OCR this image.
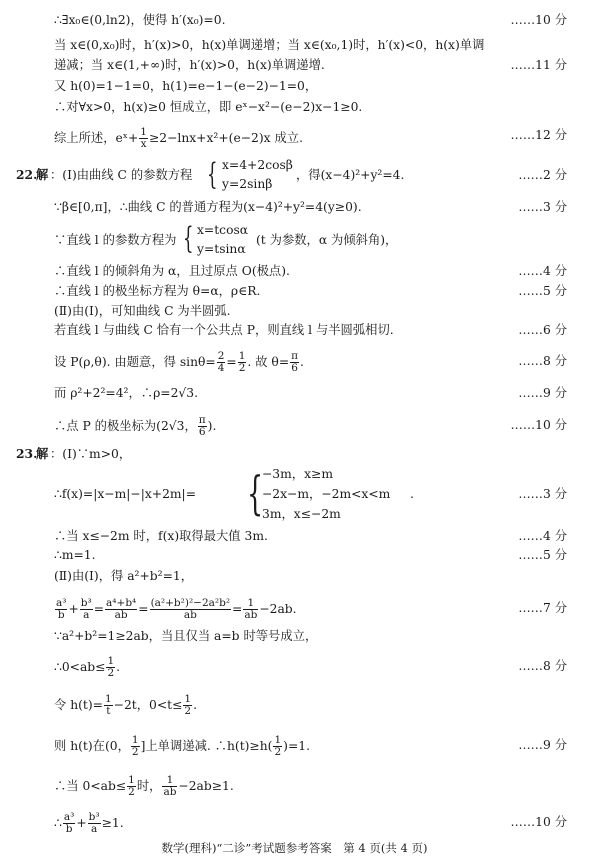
∴∃x₀∈(0,ln2)，使得 h′(x₀)=0.	……10 分
当 x∈(0,x₀)时，h′(x)>0，h(x)单调递增；当 x∈(x₀,1)时，h′(x)<0，h(x)单调
递减；当 x∈(1,+∞)时，h′(x)>0，h(x)单调递增.	……11 分
又 h(0)=1−1=0，h(1)=e−1−(e−2)−1=0，
∴对∀x>0，h(x)≥0 恒成立，即 eˣ−x²−(e−2)x−1≥0.
综上所述，eˣ+ $\frac{1}{x} \ge 2-\ln x+x^2+(e-2)x$ 成立.	……12 分
22.
解 ：(Ⅰ)由曲线 C 的参数方程 { x=4+2cosβ
y=2sinβ
，得(x−4)²+y²=4.	……2 分
∵β∈[0,π]，∴曲线 C 的普通方程为(x−4)²+y²=4(y≥0).	……3 分
∵直线 l 的参数方程为 { x=tcosα
y=tsinα
(t 为参数，α 为倾斜角)，
∴直线 l 的倾斜角为 α，且过原点 O(极点).	……4 分
∴直线 l 的极坐标方程为 θ=α，ρ∈R.	……5 分
(Ⅱ)由(Ⅰ)，可知曲线 C 为半圆弧.
若直线 l 与曲线 C 恰有一个公共点 P，则直线 l 与半圆弧相切.	……6 分
设 P(ρ,θ). 由题意，得 $\sin\theta= \frac{2}{4} = \frac{1}{2}$ . 故 $\theta= \frac{\pi}{6}$ .	……8 分
而 ρ²+2²=4²，∴ρ=2√3.	……9 分
∴点 P 的极坐标为(2√3， $\frac{\pi}{6}$ ).	……10 分
23.
解 ：(Ⅰ)∵m>0，
∴f(x)=|x−m|−|x+2m|= {
−3m，x≥m
−2x−m，−2m<x<m
3m，x≤−2m
.	……3 分
∴当 x≤−2m 时，f(x)取得最大值 3m.	……4 分
∴m=1.	……5 分
(Ⅱ)由(Ⅰ)，得 a²+b²=1，
$\frac{\text{a³}}{b} + \frac{\text{b³}}{a} = \frac{\text{a⁴+b⁴}}{ab} = \frac{\text{(a²+b²)²−2a²b²}}{ab} = \frac{1}{ab} -2ab$.	……7 分
∵a²+b²=1≥2ab，当且仅当 a=b 时等号成立，
∴0<ab≤ $\frac{1}{2}$ .	……8 分
令 $h(t)= \frac{1}{t} -2t$，$0<t\le \frac{1}{2}$ .
则 h(t)在(0， $\frac{1}{2}$ ]上单调递减. ∴h(t)≥h( $\frac{1}{2} )=1$.	……9 分
∴当 $0<ab\le \frac{1}{2}$ 时， $\frac{1}{ab} -2ab\ge 1$.
∴ $\frac{\text{a³}}{b} + \frac{\text{b³}}{a} \ge 1$.	……10 分
数学(理科)“二诊”考试题参考答案　第 4 页(共 4 页)
